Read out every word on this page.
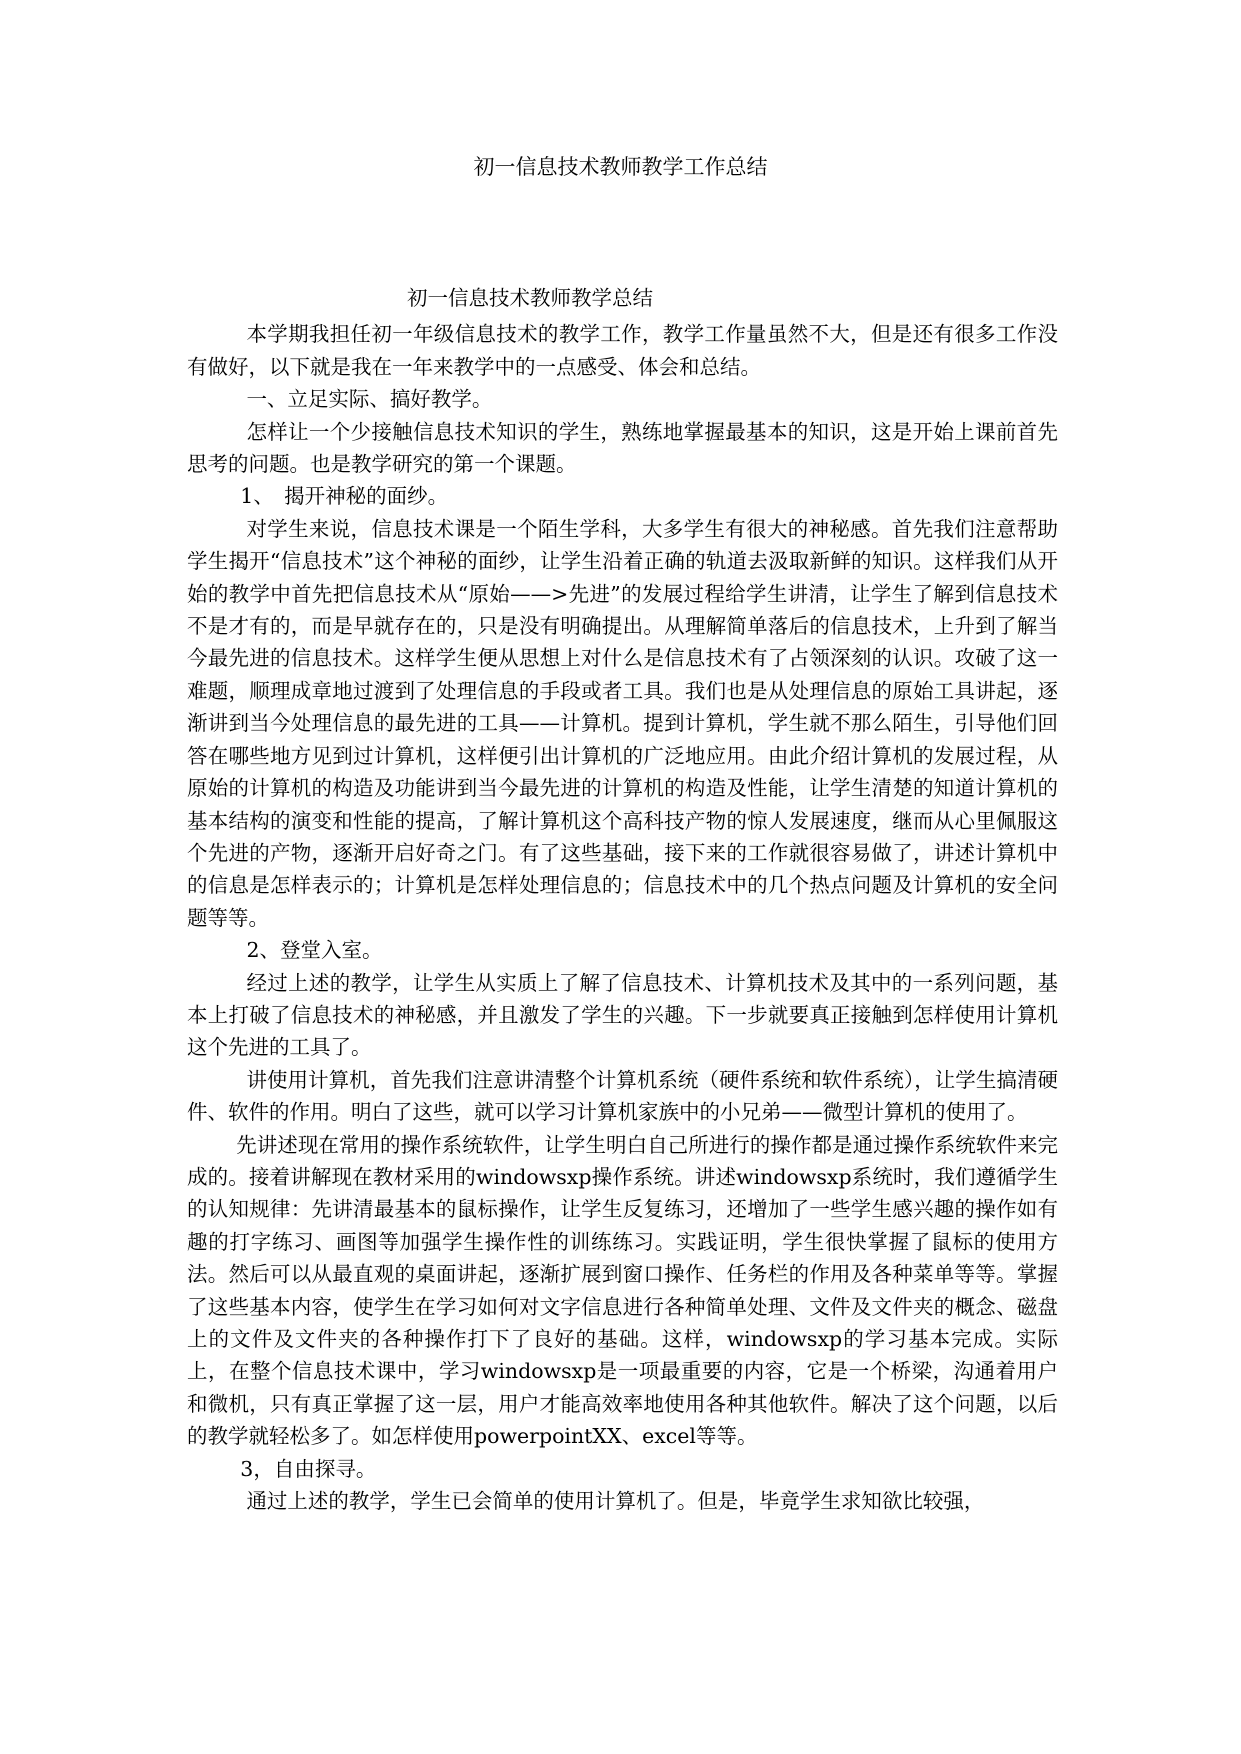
初一信息技术教师教学工作总结

初一信息技术教师教学总结

本学期我担任初一年级信息技术的教学工作，教学工作量虽然不大，但是还有很多工作没有做好，以下就是我在一年来教学中的一点感受、体会和总结。

一、立足实际、搞好教学。

怎样让一个少接触信息技术知识的学生，熟练地掌握最基本的知识，这是开始上课前首先思考的问题。也是教学研究的第一个课题。

1、　揭开神秘的面纱。

对学生来说，信息技术课是一个陌生学科，大多学生有很大的神秘感。首先我们注意帮助学生揭开“信息技术”这个神秘的面纱，让学生沿着正确的轨道去汲取新鲜的知识。这样我们从开始的教学中首先把信息技术从“原始——>先进”的发展过程给学生讲清，让学生了解到信息技术不是才有的，而是早就存在的，只是没有明确提出。从理解简单落后的信息技术，上升到了解当今最先进的信息技术。这样学生便从思想上对什么是信息技术有了占领深刻的认识。攻破了这一难题，顺理成章地过渡到了处理信息的手段或者工具。我们也是从处理信息的原始工具讲起，逐渐讲到当今处理信息的最先进的工具——计算机。提到计算机，学生就不那么陌生，引导他们回答在哪些地方见到过计算机，这样便引出计算机的广泛地应用。由此介绍计算机的发展过程，从原始的计算机的构造及功能讲到当今最先进的计算机的构造及性能，让学生清楚的知道计算机的基本结构的演变和性能的提高，了解计算机这个高科技产物的惊人发展速度，继而从心里佩服这个先进的产物，逐渐开启好奇之门。有了这些基础，接下来的工作就很容易做了，讲述计算机中的信息是怎样表示的；计算机是怎样处理信息的；信息技术中的几个热点问题及计算机的安全问题等等。

2、登堂入室。

经过上述的教学，让学生从实质上了解了信息技术、计算机技术及其中的一系列问题，基本上打破了信息技术的神秘感，并且激发了学生的兴趣。下一步就要真正接触到怎样使用计算机这个先进的工具了。

讲使用计算机，首先我们注意讲清整个计算机系统（硬件系统和软件系统），让学生搞清硬件、软件的作用。明白了这些，就可以学习计算机家族中的小兄弟——微型计算机的使用了。

先讲述现在常用的操作系统软件，让学生明白自己所进行的操作都是通过操作系统软件来完成的。接着讲解现在教材采用的windowsxp操作系统。讲述windowsxp系统时，我们遵循学生的认知规律：先讲清最基本的鼠标操作，让学生反复练习，还增加了一些学生感兴趣的操作如有趣的打字练习、画图等加强学生操作性的训练练习。实践证明，学生很快掌握了鼠标的使用方法。然后可以从最直观的桌面讲起，逐渐扩展到窗口操作、任务栏的作用及各种菜单等等。掌握了这些基本内容，使学生在学习如何对文字信息进行各种简单处理、文件及文件夹的概念、磁盘上的文件及文件夹的各种操作打下了良好的基础。这样，windowsxp的学习基本完成。实际上，在整个信息技术课中，学习windowsxp是一项最重要的内容，它是一个桥梁，沟通着用户和微机，只有真正掌握了这一层，用户才能高效率地使用各种其他软件。解决了这个问题，以后的教学就轻松多了。如怎样使用powerpointXX、excel等等。

3，自由探寻。

通过上述的教学，学生已会简单的使用计算机了。但是，毕竟学生求知欲比较强，
